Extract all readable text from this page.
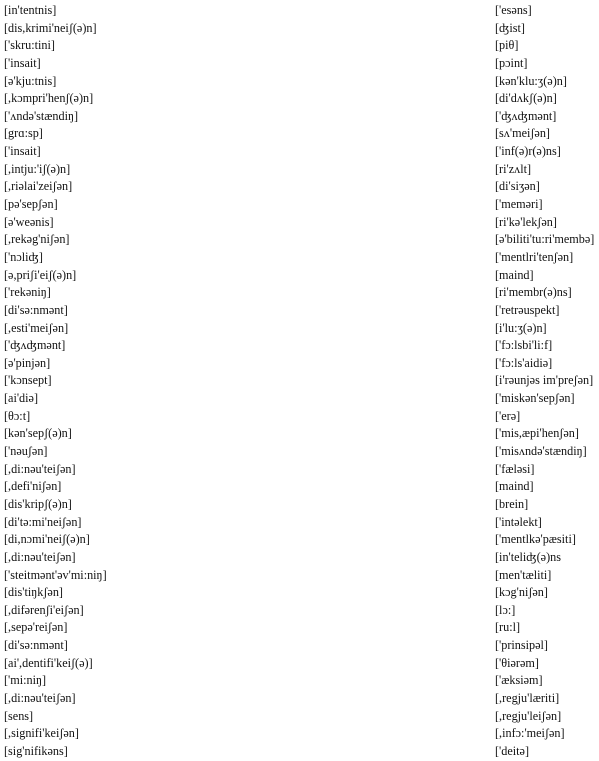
[in'tentnis]
[dis,krimi'neiʃ(ə)n]
['skru:tini]
['insait]
[ə'kju:tnis]
[,kɔmpri'henʃ(ə)n]
['ʌndə'stændiŋ]
[grɑ:sp]
['insait]
[,intju:'iʃ(ə)n]
[,riəlai'zeiʃən]
[pə'sepʃən]
[ə'weənis]
[,rekəg'niʃən]
['nɔliʤ]
[ə,priʃi'eiʃ(ə)n]
['rekəniŋ]
[di'sə:nmənt]
[,esti'meiʃən]
['ʤʌʤmənt]
[ə'pinjən]
['kɔnsept]
[ai'diə]
[θɔ:t]
[kən'sepʃ(ə)n]
['nəuʃən]
[,di:nəu'teiʃən]
[,defi'niʃən]
[dis'kripʃ(ə)n]
[di'tə:mi'neiʃən]
[di,nɔmi'neiʃ(ə)n]
[,di:nəu'teiʃən]
['steitmənt'əv'mi:niŋ]
[dis'tiŋkʃən]
[,difərenʃi'eiʃən]
[,sepə'reiʃən]
[di'sə:nmənt]
[ai',dentifi'keiʃ(ə)]
['mi:niŋ]
[,di:nəu'teiʃən]
[sens]
[,signifi'keiʃən]
[sig'nifikəns]
['esəns]
[ʤist]
[piθ]
[pɔint]
[kən'klu:ʒ(ə)n]
[di'dʌkʃ(ə)n]
['ʤʌʤmənt]
[sʌ'meiʃən]
['inf(ə)r(ə)ns]
[ri'zʌlt]
[di'siʒən]
['meməri]
[ri'kə'lekʃən]
[ə'biliti'tu:ri'membə]
['mentlri'tenʃən]
[maind]
[ri'membr(ə)ns]
['retrəuspekt]
[i'lu:ʒ(ə)n]
['fɔ:lsbi'li:f]
['fɔ:ls'aidiə]
[i'rəunjəs im'preʃən]
['miskən'sepʃən]
['erə]
['mis,æpi'henʃən]
['misʌndə'stændiŋ]
['fæləsi]
[maind]
[brein]
['intəlekt]
['mentlkə'pæsiti]
[in'teliʤ(ə)ns
[men'tæliti]
[kɔg'niʃən]
[lɔ:]
[ru:l]
['prinsipəl]
['θiərəm]
['æksiəm]
[,regju'læriti]
[,regju'leiʃən]
[,infɔ:'meiʃən]
['deitə]
